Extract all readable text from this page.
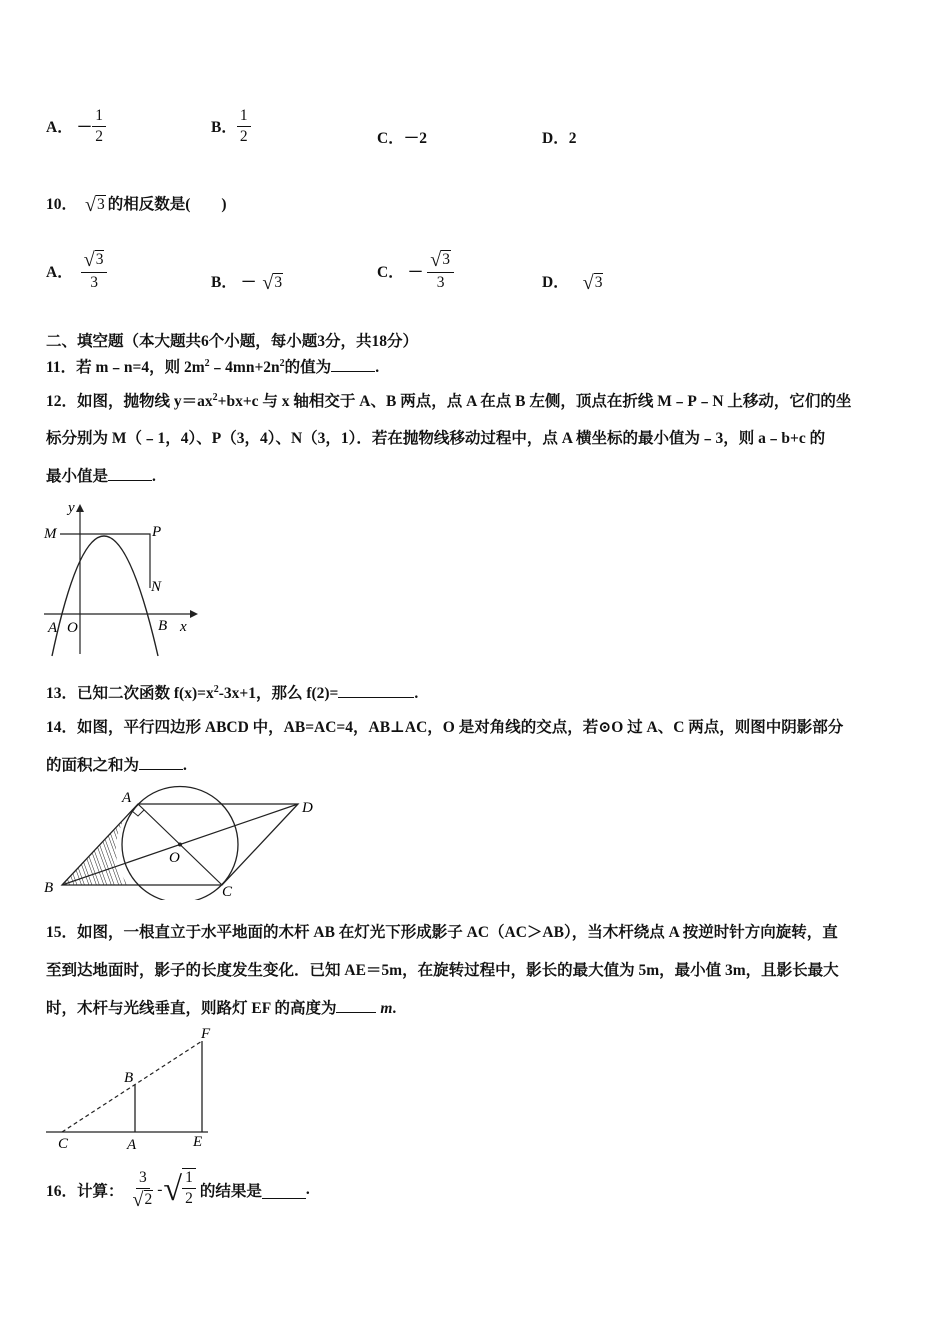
A． － $\frac{1}{2}$	B． $\frac{1}{2}$	C．－2	D．2
10． √ 3 的相反数是(　　)
A． $\frac{√ 3}{3}$	B． － √ 3
C． － $\frac{√ 3}{3}$	D． √ 3
二、填空题（本大题共6个小题，每小题3分，共18分）
11．若 m﹣n=4，则 $2m^2﹣4mn+2n^2$的值为	.
12．如图，抛物线 $y=ax^2+bx+c$ 与 x 轴相交于 A、B 两点，点 A 在点 B 左侧，顶点在折线 M﹣P﹣N 上移动，它们的坐
标分别为 M（﹣1，4）、P（3，4）、N（3，1）．若在抛物线移动过程中，点 A 横坐标的最小值为﹣3，则 a﹣b+c 的
最小值是	.
y
M	P
N
A O	B x
13．已知二次函数 $f(x)=x^2-3x+1$，那么 f(2)=	.
14．如图，平行四边形 ABCD 中，AB=AC=4，AB⊥AC，O 是对角线的交点，若⊙O 过 A、C 两点，则图中阴影部分
的面积之和为	.
A
B	C
D
O
15．如图，一根直立于水平地面的木杆 AB 在灯光下形成影子 AC（AC＞AB），当木杆绕点 A 按逆时针方向旋转，直
至到达地面时，影子的长度发生变化．已知 AE＝5m，在旋转过程中，影长的最大值为 5m，最小值 3m，且影长最大
时，木杆与光线垂直，则路灯 EF 的高度为	m.
F
B
C	A	E
16．计算： $\frac{3}{√ 2}$ - √ $\frac{1}{2}$ 的结果是	.
